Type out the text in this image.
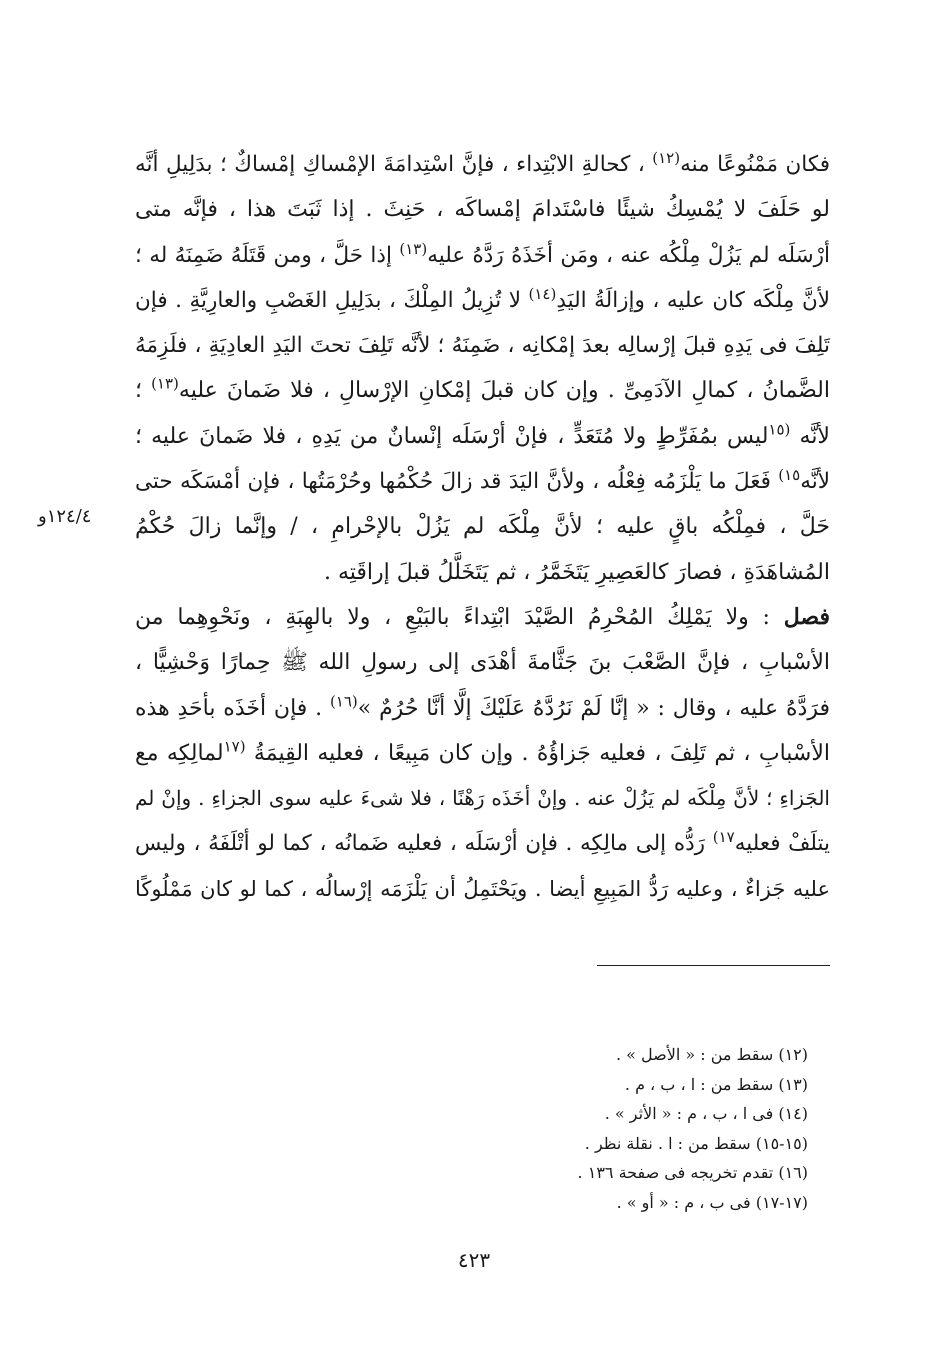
فكان مَمْنُوعًا منه$^{(١٢)}$ ، كحالةِ الابْتِداء ، فإنَّ اسْتِدامَةَ الإمْساكِ إمْساكٌ ؛ بدَلِيلِ أنَّه
لو حَلَفَ لا يُمْسِكُ شيئًا فاسْتَدامَ إمْساكَه ، حَنِثَ . إذا ثَبَتَ هذا ، فإنَّه متى
أرْسَلَه لم يَزُلْ مِلْكُه عنه ، ومَن أخَذَهُ رَدَّهُ عليه$^{(١٣)}$ إذا حَلَّ ، ومن قَتَلَهُ ضَمِنَهُ له ؛
لأنَّ مِلْكَه كان عليه ، وإزالَةُ اليَدِ$^{(١٤)}$ لا تُزِيلُ المِلْكَ ، بدَلِيلِ الغَصْبِ والعارِيَّةِ . فإن
تَلِفَ فى يَدِهِ قبلَ إرْسالِه بعدَ إمْكانِه ، ضَمِنَهُ ؛ لأنَّه تَلِفَ تحتَ اليَدِ العادِيَةِ ، فلَزِمَهُ
الضَّمانُ ، كمالِ الآدَمِىِّ . وإن كان قبلَ إمْكانِ الإرْسالِ ، فلا ضَمانَ عليه$^{(١٣)}$ ؛
لأنَّه $^{(١٥}$ليس بمُفَرِّطٍ ولا مُتَعَدٍّ ، فإنْ أرْسَلَه إنْسانٌ من يَدِهِ ، فلا ضَمانَ عليه ؛
لأنَّه$^{١٥)}$ فَعَلَ ما يَلْزَمُه فِعْلُه ، ولأنَّ اليَدَ قد زالَ حُكْمُها وحُرْمَتُها ، فإن أمْسَكَه حتى
حَلَّ ، فمِلْكُه باقٍ عليه ؛ لأنَّ مِلْكَه لم يَزُلْ بالإحْرامِ ، / وإنَّما زالَ حُكْمُ
المُشاهَدَةِ ، فصارَ كالعَصِيرِ يَتَخَمَّرُ ، ثم يَتَخَلَّلُ قبلَ إراقَتِه .
فصل : ولا يَمْلِكُ المُحْرِمُ الصَّيْدَ ابْتِداءً بالبَيْعِ ، ولا بالهِبَةِ ، ونَحْوِهِما من
الأسْبابِ ، فإنَّ الصَّعْبَ بنَ جَثَّامةَ أهْدَى إلى رسولِ الله ﷺ حِمارًا وَحْشِيًّا ،
فرَدَّهُ عليه ، وقال : « إنَّا لَمْ نَرُدَّهُ عَلَيْكَ إلَّا أنَّا حُرُمٌ »$^{(١٦)}$ . فإن أخَذَه بأحَدِ هذه
الأسْبابِ ، ثم تَلِفَ ، فعليه جَزاؤُهُ . وإن كان مَبِيعًا ، فعليه القِيمَةُ $^{(١٧}$لمالِكِه مع
الجَزاءِ ؛ لأنَّ مِلْكَه لم يَزُلْ عنه . وإنْ أخَذَه رَهْنًا ، فلا شىءَ عليه سوى الجزاءِ . وإنْ لم
يتلَفْ فعليه$^{١٧)}$ رَدُّه إلى مالِكِه . فإن أرْسَلَه ، فعليه ضَمانُه ، كما لو أتْلَفَهُ ، وليس
عليه جَزاءٌ ، وعليه رَدُّ المَبِيعِ أيضا . ويَحْتَمِلُ أن يَلْزَمَه إرْسالُه ، كما لو كان مَمْلُوكًا
١٢٤/٤و
(١٢) سقط من : « الأصل » .
(١٣) سقط من : ا ، ب ، م .
(١٤) فى ا ، ب ، م : « الأثر » .
(١٥-١٥) سقط من : ا . نقلة نظر .
(١٦) تقدم تخريجه فى صفحة ١٣٦ .
(١٧-١٧) فى ب ، م : « أو » .
٤٢٣
